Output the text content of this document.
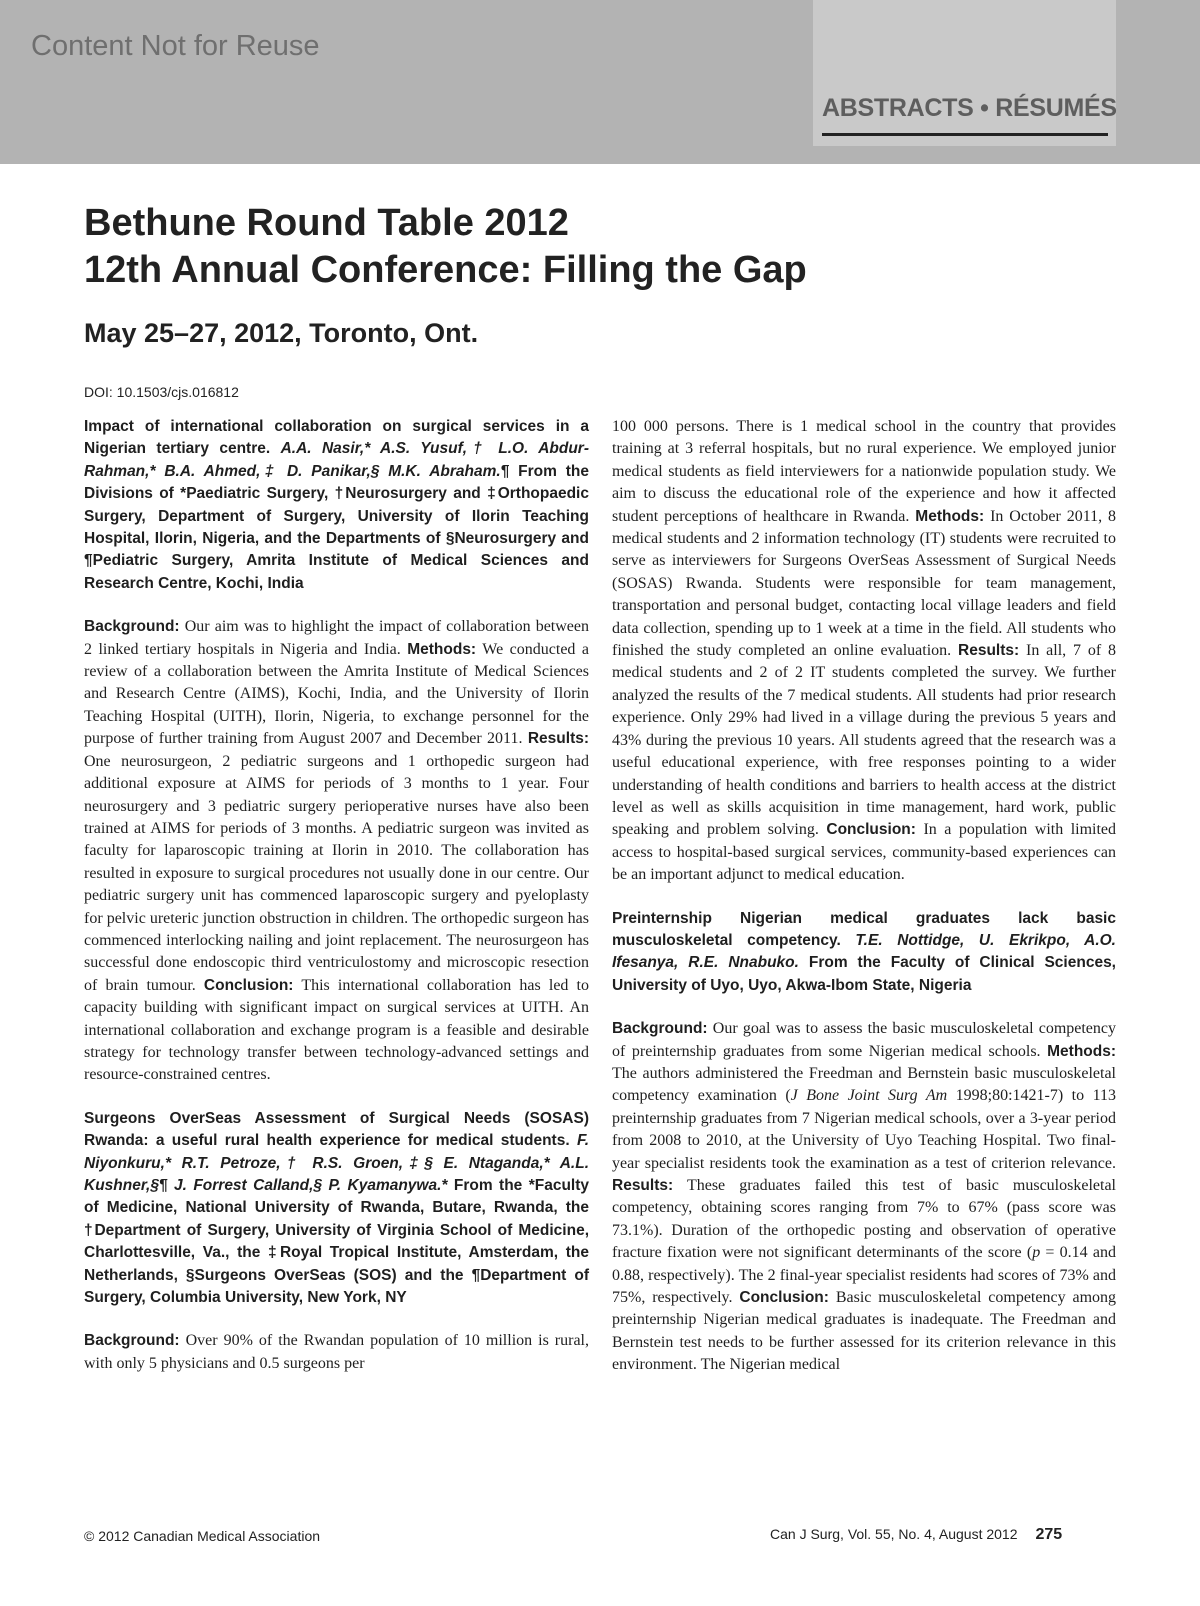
Content Not for Reuse
ABSTRACTS • RÉSUMÉS
Bethune Round Table 2012
12th Annual Conference: Filling the Gap
May 25–27, 2012, Toronto, Ont.
DOI: 10.1503/cjs.016812

Impact of international collaboration on surgical services in a Nigerian tertiary centre. A.A. Nasir,* A.S. Yusuf,† L.O. Abdur-Rahman,* B.A. Ahmed,‡ D. Panikar,§ M.K. Abraham.¶ From the Divisions of *Paediatric Surgery, †Neurosurgery and ‡Orthopaedic Surgery, Department of Surgery, University of Ilorin Teaching Hospital, Ilorin, Nigeria, and the Departments of §Neurosurgery and ¶Pediatric Surgery, Amrita Institute of Medical Sciences and Research Centre, Kochi, India

Background: Our aim was to highlight the impact of collaboration between 2 linked tertiary hospitals in Nigeria and India. Methods: We conducted a review of a collaboration between the Amrita Institute of Medical Sciences and Research Centre (AIMS), Kochi, India, and the University of Ilorin Teaching Hospital (UITH), Ilorin, Nigeria, to exchange personnel for the purpose of further training from August 2007 and December 2011. Results: One neurosurgeon, 2 pediatric surgeons and 1 orthopedic surgeon had additional exposure at AIMS for periods of 3 months to 1 year. Four neurosurgery and 3 pediatric surgery perioperative nurses have also been trained at AIMS for periods of 3 months. A pediatric surgeon was invited as faculty for laparoscopic training at Ilorin in 2010. The collaboration has resulted in exposure to surgical procedures not usually done in our centre. Our pediatric surgery unit has commenced laparoscopic surgery and pyeloplasty for pelvic ureteric junction obstruction in children. The orthopedic surgeon has commenced interlocking nailing and joint replacement. The neurosurgeon has successful done endoscopic third ventriculostomy and microscopic resection of brain tumour. Conclusion: This international collaboration has led to capacity building with significant impact on surgical services at UITH. An international collaboration and exchange program is a feasible and desirable strategy for technology transfer between technology-advanced settings and resource-constrained centres.

Surgeons OverSeas Assessment of Surgical Needs (SOSAS) Rwanda: a useful rural health experience for medical students. F. Niyonkuru,* R.T. Petroze,† R.S. Groen,‡§ E. Ntaganda,* A.L. Kushner,§¶ J. Forrest Calland,§ P. Kyamanywa.* From the *Faculty of Medicine, National University of Rwanda, Butare, Rwanda, the †Department of Surgery, University of Virginia School of Medicine, Charlottesville, Va., the ‡Royal Tropical Institute, Amsterdam, the Netherlands, §Surgeons OverSeas (SOS) and the ¶Department of Surgery, Columbia University, New York, NY

Background: Over 90% of the Rwandan population of 10 million is rural, with only 5 physicians and 0.5 surgeons per

100 000 persons. There is 1 medical school in the country that provides training at 3 referral hospitals, but no rural experience. We employed junior medical students as field interviewers for a nationwide population study. We aim to discuss the educational role of the experience and how it affected student perceptions of healthcare in Rwanda. Methods: In October 2011, 8 medical students and 2 information technology (IT) students were recruited to serve as interviewers for Surgeons OverSeas Assessment of Surgical Needs (SOSAS) Rwanda. Students were responsible for team management, transportation and personal budget, contacting local village leaders and field data collection, spending up to 1 week at a time in the field. All students who finished the study completed an online evaluation. Results: In all, 7 of 8 medical students and 2 of 2 IT students completed the survey. We further analyzed the results of the 7 medical students. All students had prior research experience. Only 29% had lived in a village during the previous 5 years and 43% during the previous 10 years. All students agreed that the research was a useful educational experience, with free responses pointing to a wider understanding of health conditions and barriers to health access at the district level as well as skills acquisition in time management, hard work, public speaking and problem solving. Conclusion: In a population with limited access to hospital-based surgical services, community-based experiences can be an important adjunct to medical education.

Preinternship Nigerian medical graduates lack basic musculoskeletal competency. T.E. Nottidge, U. Ekrikpo, A.O. Ifesanya, R.E. Nnabuko. From the Faculty of Clinical Sciences, University of Uyo, Uyo, Akwa-Ibom State, Nigeria

Background: Our goal was to assess the basic musculoskeletal competency of preinternship graduates from some Nigerian medical schools. Methods: The authors administered the Freedman and Bernstein basic musculoskeletal competency examination (J Bone Joint Surg Am 1998;80:1421-7) to 113 preinternship graduates from 7 Nigerian medical schools, over a 3-year period from 2008 to 2010, at the University of Uyo Teaching Hospital. Two final-year specialist residents took the examination as a test of criterion relevance. Results: These graduates failed this test of basic musculoskeletal competency, obtaining scores ranging from 7% to 67% (pass score was 73.1%). Duration of the orthopedic posting and observation of operative fracture fixation were not significant determinants of the score (p = 0.14 and 0.88, respectively). The 2 final-year specialist residents had scores of 73% and 75%, respectively. Conclusion: Basic musculoskeletal competency among preinternship Nigerian medical graduates is inadequate. The Freedman and Bernstein test needs to be further assessed for its criterion relevance in this environment. The Nigerian medical

© 2012 Canadian Medical Association	Can J Surg, Vol. 55, No. 4, August 2012 275
